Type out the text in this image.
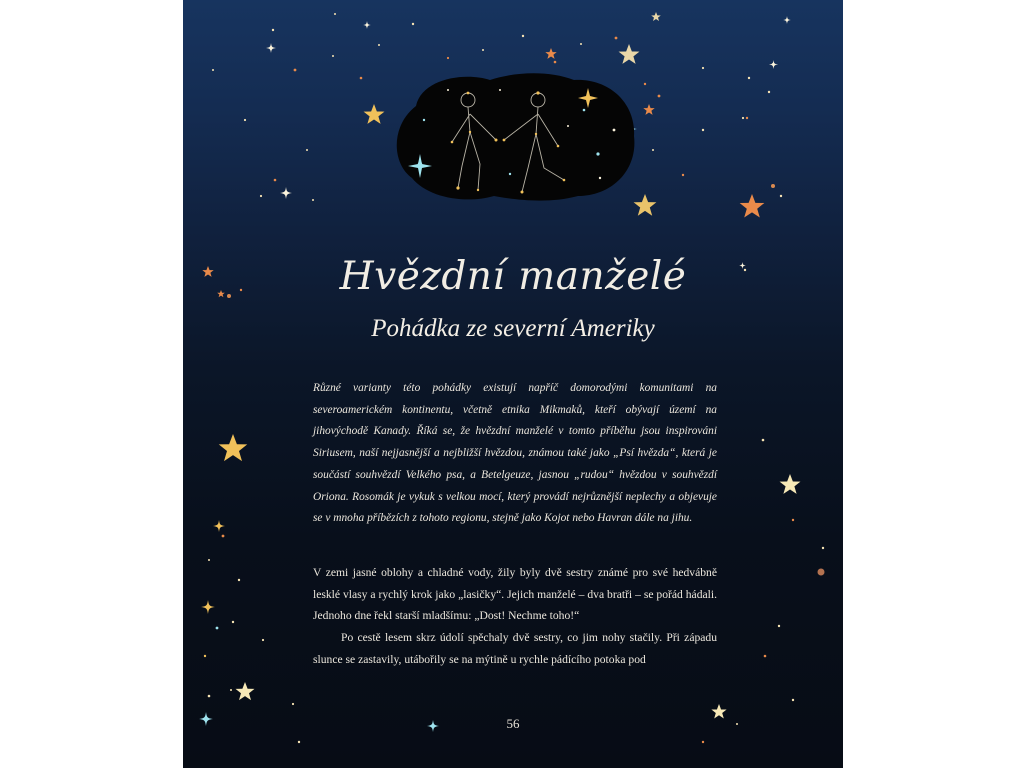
Hvězdní manželé
Pohádka ze severní Ameriky

Různé varianty této pohádky existují napříč domorodými komunitami na severoamerickém kontinentu, včetně etnika Mikmaků, kteří obývají území na jihovýchodě Kanady. Říká se, že hvězdní manželé v tomto příběhu jsou inspirováni Siriusem, naší nejjasnější a nejbližší hvězdou, známou také jako „Psí hvězda“, která je součástí souhvězdí Velkého psa, a Betelgeuze, jasnou „rudou“ hvězdou v souhvězdí Oriona. Rosomák je vykuk s velkou mocí, který provádí nejrůznější neplechy a objevuje se v mnoha příbězích z tohoto regionu, stejně jako Kojot nebo Havran dále na jihu.

V zemi jasné oblohy a chladné vody, žily byly dvě sestry známé pro své hedvábně lesklé vlasy a rychlý krok jako „lasičky“. Jejich manželé – dva bratři – se pořád hádali. Jednoho dne řekl starší mladšímu: „Dost! Nechme toho!“

Po cestě lesem skrz údolí spěchaly dvě sestry, co jim nohy stačily. Při západu slunce se zastavily, utábořily se na mýtině u rychle pádícího potoka pod

56
